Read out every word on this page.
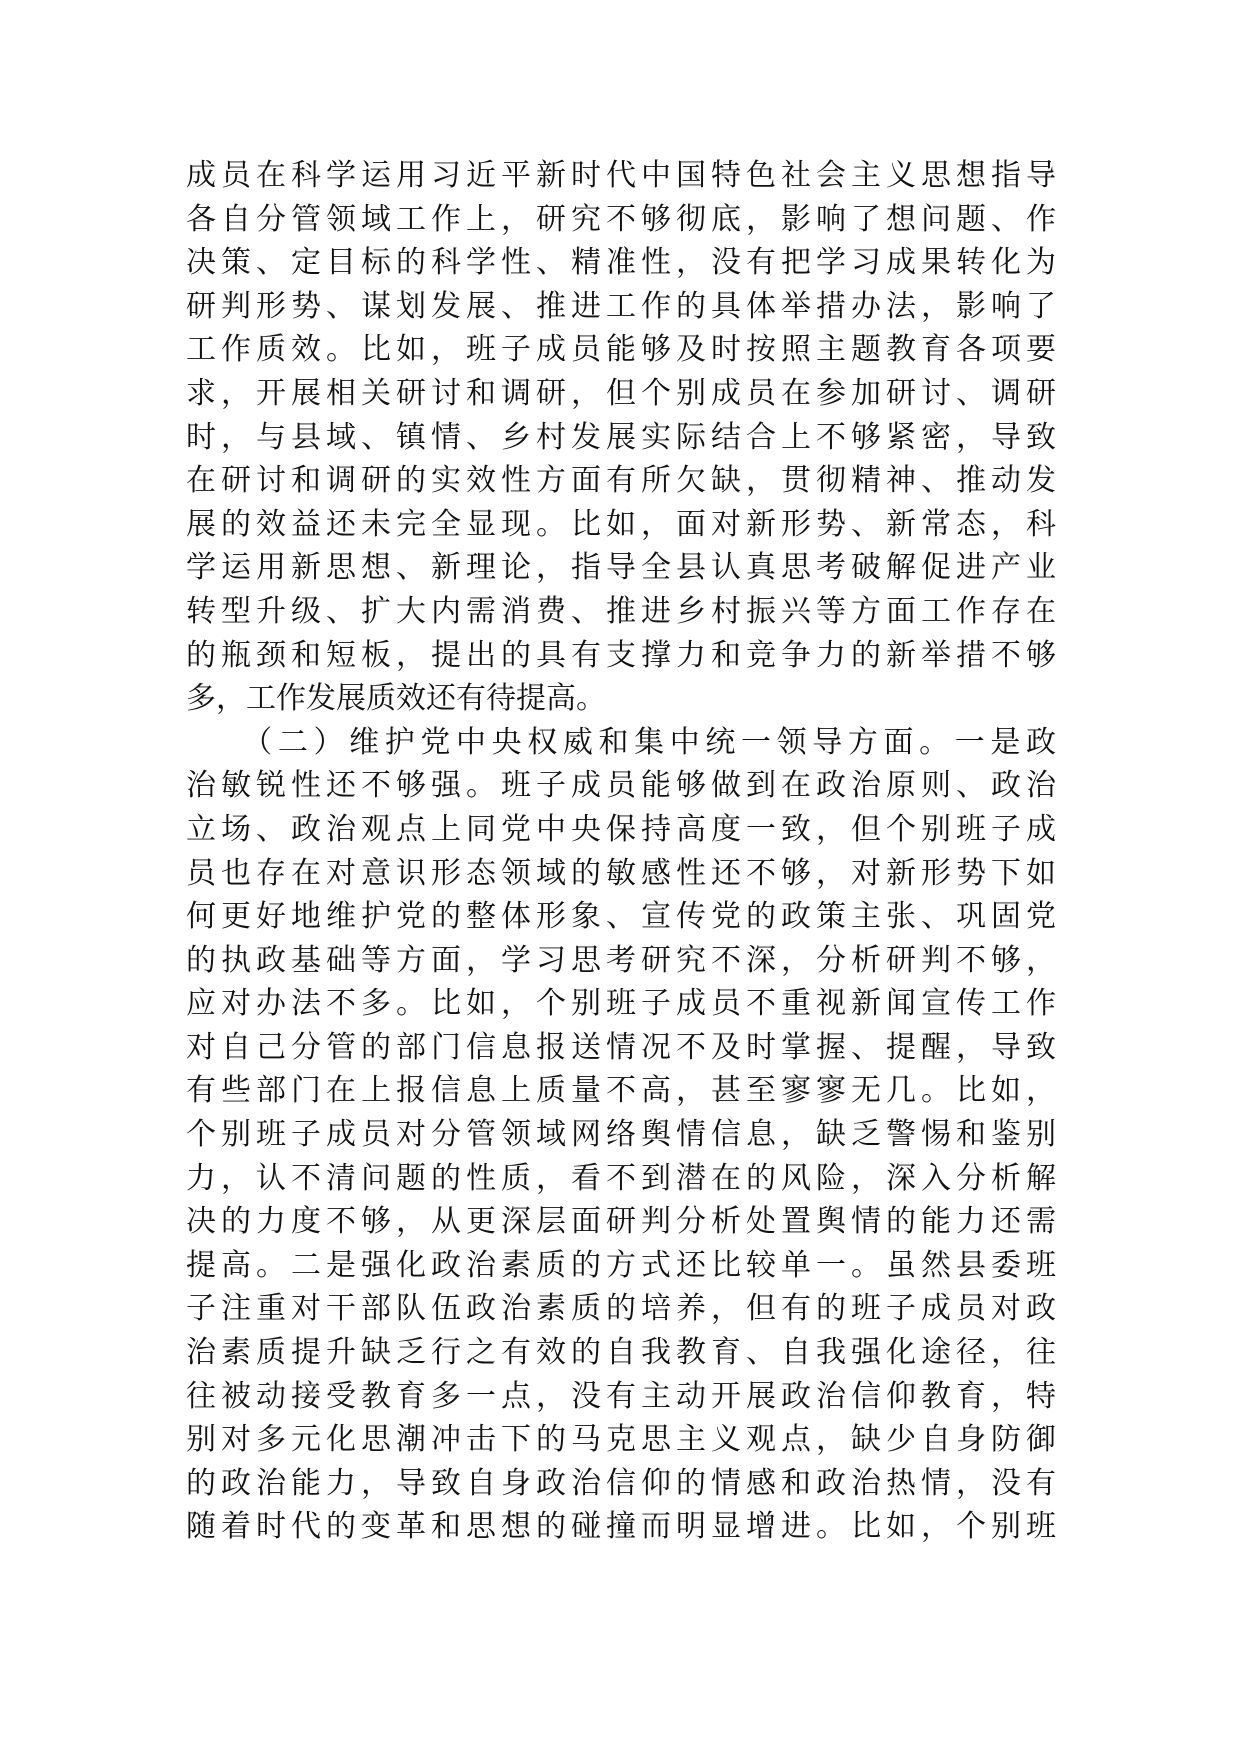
成员在科学运用习近平新时代中国特色社会主义思想指导
各自分管领域工作上，研究不够彻底，影响了想问题、作
决策、定目标的科学性、精准性，没有把学习成果转化为
研判形势、谋划发展、推进工作的具体举措办法，影响了
工作质效。比如，班子成员能够及时按照主题教育各项要
求，开展相关研讨和调研，但个别成员在参加研讨、调研
时，与县域、镇情、乡村发展实际结合上不够紧密，导致
在研讨和调研的实效性方面有所欠缺，贯彻精神、推动发
展的效益还未完全显现。比如，面对新形势、新常态，科
学运用新思想、新理论，指导全县认真思考破解促进产业
转型升级、扩大内需消费、推进乡村振兴等方面工作存在
的瓶颈和短板，提出的具有支撑力和竞争力的新举措不够
多，工作发展质效还有待提高。
　　（二）维护党中央权威和集中统一领导方面。一是政
治敏锐性还不够强。班子成员能够做到在政治原则、政治
立场、政治观点上同党中央保持高度一致，但个别班子成
员也存在对意识形态领域的敏感性还不够，对新形势下如
何更好地维护党的整体形象、宣传党的政策主张、巩固党
的执政基础等方面，学习思考研究不深，分析研判不够，
应对办法不多。比如，个别班子成员不重视新闻宣传工作
对自己分管的部门信息报送情况不及时掌握、提醒，导致
有些部门在上报信息上质量不高，甚至寥寥无几。比如，
个别班子成员对分管领域网络舆情信息，缺乏警惕和鉴别
力，认不清问题的性质，看不到潜在的风险，深入分析解
决的力度不够，从更深层面研判分析处置舆情的能力还需
提高。二是强化政治素质的方式还比较单一。虽然县委班
子注重对干部队伍政治素质的培养，但有的班子成员对政
治素质提升缺乏行之有效的自我教育、自我强化途径，往
往被动接受教育多一点，没有主动开展政治信仰教育，特
别对多元化思潮冲击下的马克思主义观点，缺少自身防御
的政治能力，导致自身政治信仰的情感和政治热情，没有
随着时代的变革和思想的碰撞而明显增进。比如，个别班
